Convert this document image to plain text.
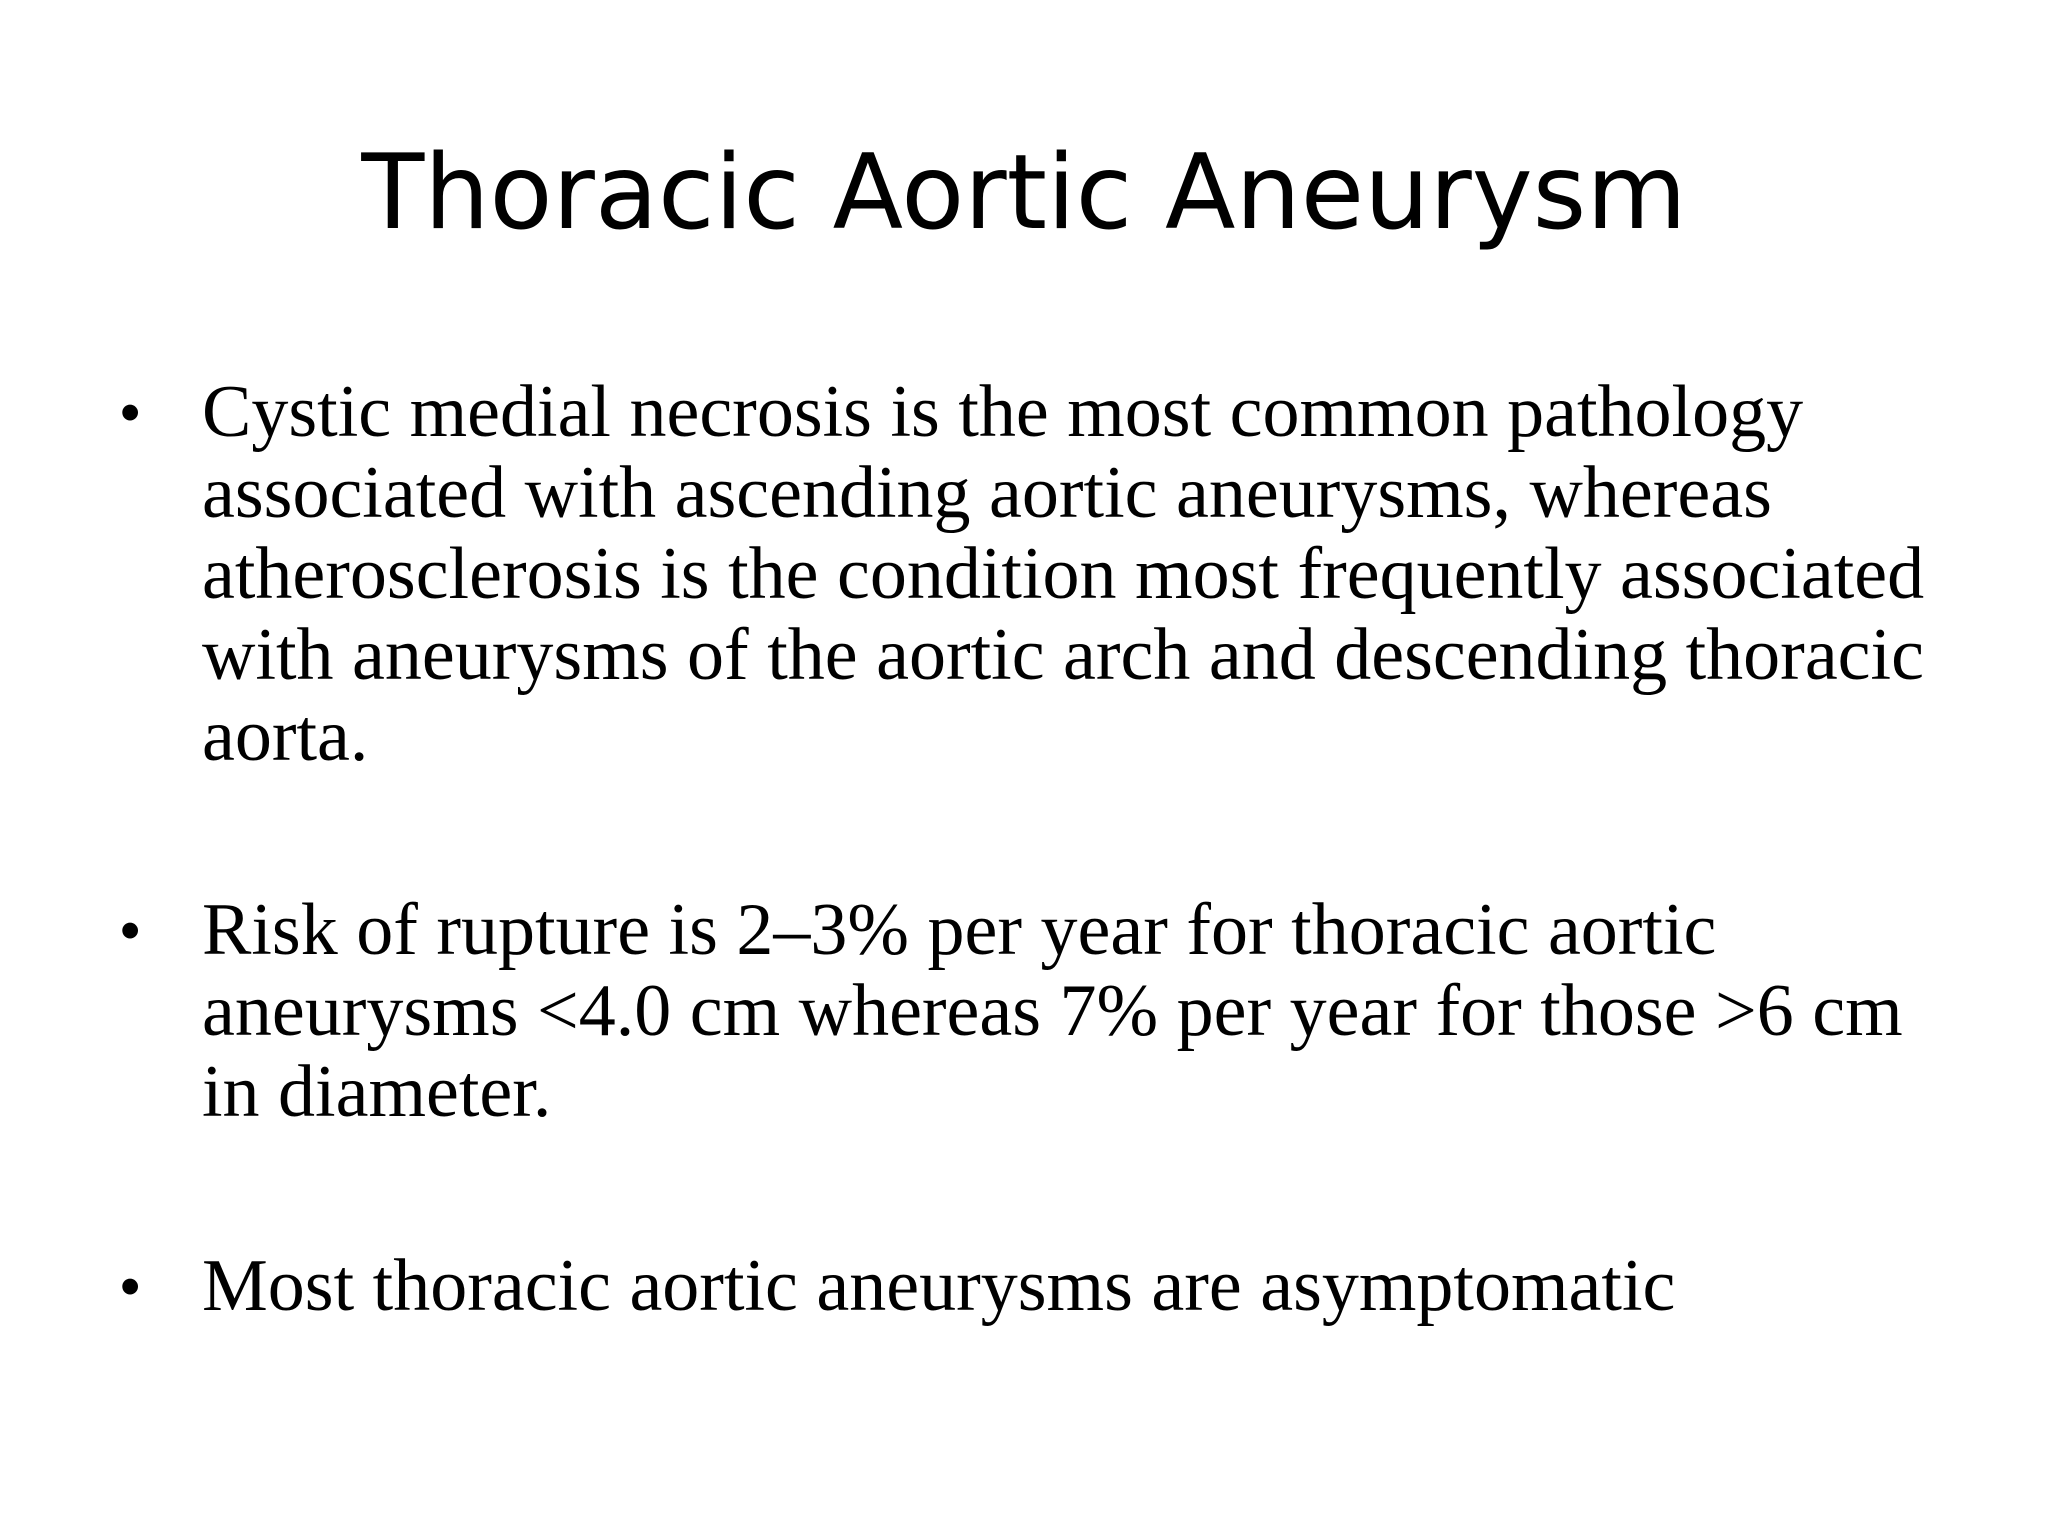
Thoracic Aortic Aneurysm
• Cystic medial necrosis is the most common pathology
associated with ascending aortic aneurysms, whereas
atherosclerosis is the condition most frequently associated
with aneurysms of the aortic arch and descending thoracic
aorta.
• Risk of rupture is 2–3% per year for thoracic aortic
aneurysms <4.0 cm whereas 7% per year for those >6 cm
in diameter.
• Most thoracic aortic aneurysms are asymptomatic
